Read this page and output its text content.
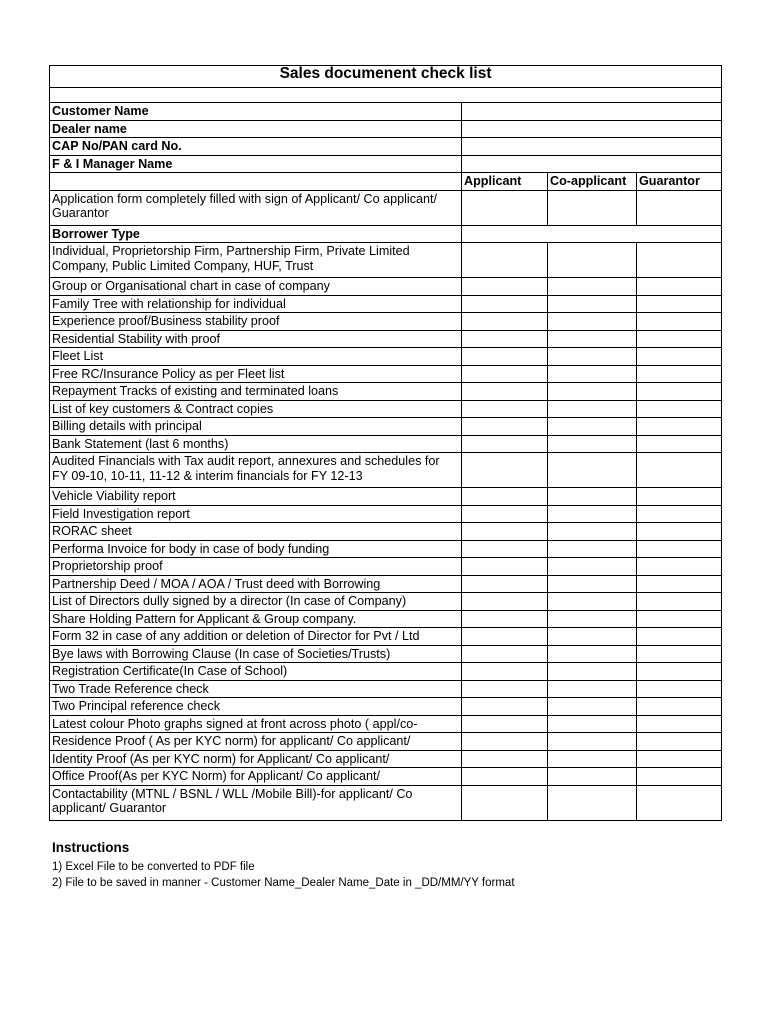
Sales documenent check list			

Customer Name			
Dealer name			
CAP No/PAN card No.			
F & I Manager Name			
	Applicant	Co-applicant	Guarantor
Application form completely filled with sign of Applicant/ Co applicant/ Guarantor			
Borrower Type			
Individual, Proprietorship Firm, Partnership Firm, Private Limited Company, Public Limited Company, HUF, Trust			
Group or Organisational chart in case of company			
Family Tree with relationship for individual			
Experience proof/Business stability proof			
Residential Stability with proof			
Fleet List			
Free RC/Insurance Policy as per Fleet list			
Repayment Tracks of existing and terminated loans			
List of key customers & Contract copies			
Billing details with principal			
Bank Statement (last 6 months)			
Audited Financials with Tax audit report, annexures and schedules for FY 09-10, 10-11, 11-12 & interim financials for FY 12-13			
Vehicle Viability report			
Field Investigation report			
RORAC sheet			
Performa Invoice for body in case of body funding			
Proprietorship proof			
Partnership Deed / MOA / AOA / Trust deed with Borrowing			
List of Directors dully signed by a director (In case of Company)			
Share Holding Pattern for Applicant & Group company.			
Form 32 in case of any addition or deletion of Director for Pvt / Ltd			
Bye laws with Borrowing Clause (In case of Societies/Trusts)			
Registration Certificate(In Case of School)			
Two Trade Reference check			
Two Principal reference check			
Latest colour Photo graphs signed at front across photo ( appl/co-			
Residence Proof ( As per KYC norm) for applicant/ Co applicant/			
Identity Proof (As per KYC norm) for Applicant/ Co applicant/			
Office Proof(As per KYC Norm) for Applicant/ Co applicant/			
Contactability (MTNL / BSNL / WLL /Mobile Bill)-for applicant/ Co applicant/ Guarantor			

Instructions

1) Excel File to be converted to PDF file

2) File to be saved in manner - Customer Name_Dealer Name_Date in _DD/MM/YY format
